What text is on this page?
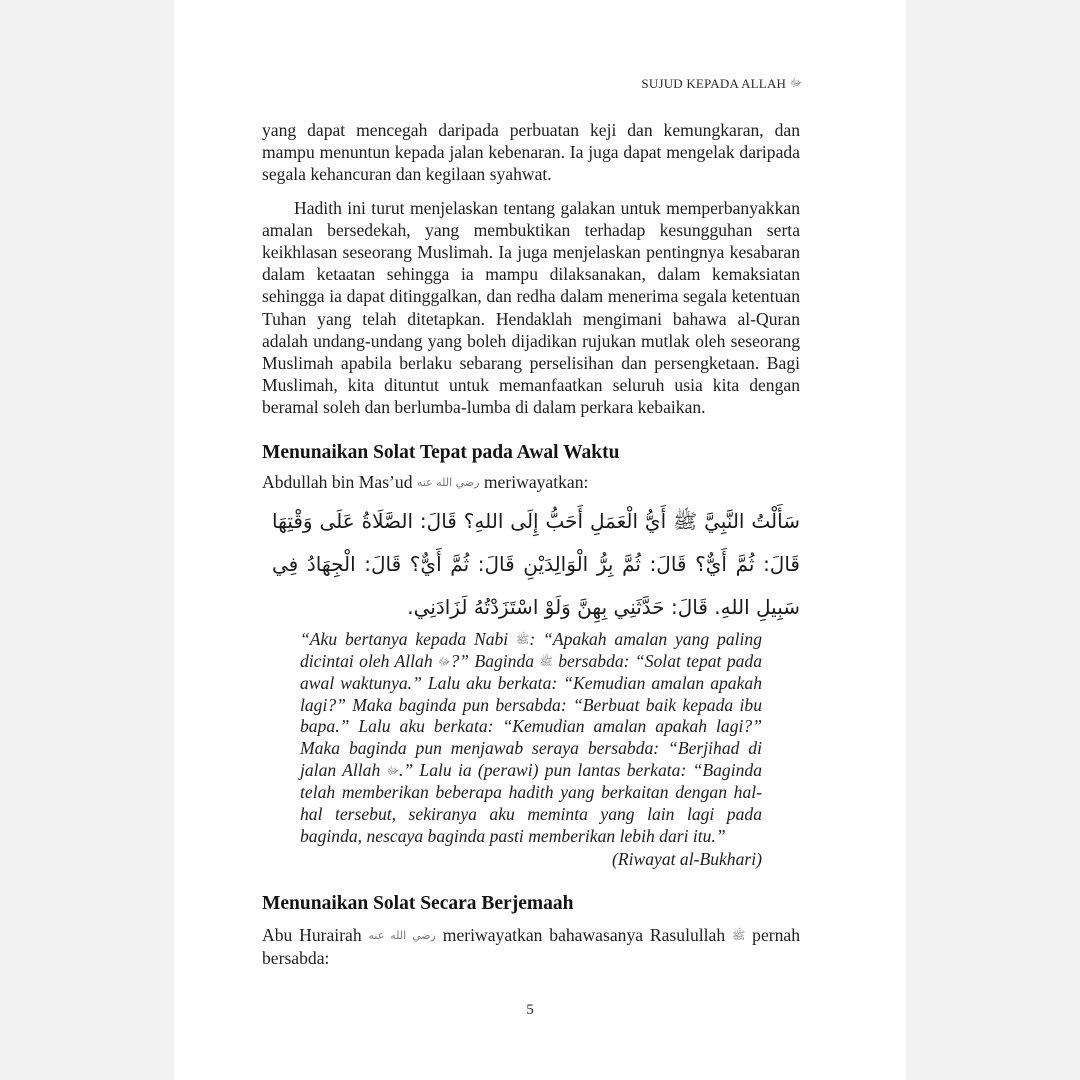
SUJUD KEPADA ALLAH ﷻ

yang dapat mencegah daripada perbuatan keji dan kemungkaran, dan mampu menuntun kepada jalan kebenaran. Ia juga dapat mengelak daripada segala kehancuran dan kegilaan syahwat.

Hadith ini turut menjelaskan tentang galakan untuk memperbanyakkan amalan bersedekah, yang membuktikan terhadap kesungguhan serta keikhlasan seseorang Muslimah. Ia juga menjelaskan pentingnya kesabaran dalam ketaatan sehingga ia mampu dilaksanakan, dalam kemaksiatan sehingga ia dapat ditinggalkan, dan redha dalam menerima segala ketentuan Tuhan yang telah ditetapkan. Hendaklah mengimani bahawa al-Quran adalah undang-undang yang boleh dijadikan rujukan mutlak oleh seseorang Muslimah apabila berlaku sebarang perselisihan dan persengketaan. Bagi Muslimah, kita dituntut untuk memanfaatkan seluruh usia kita dengan beramal soleh dan berlumba-lumba di dalam perkara kebaikan.

Menunaikan Solat Tepat pada Awal Waktu

Abdullah bin Mas’ud رضي الله عنه meriwayatkan:

سَأَلْتُ النَّبِيَّ ﷺ أَيُّ الْعَمَلِ أَحَبُّ إِلَى اللهِ؟ قَالَ: الصَّلَاةُ عَلَى وَقْتِهَا قَالَ: ثُمَّ أَيٌّ؟ قَالَ: ثُمَّ بِرُّ الْوَالِدَيْنِ قَالَ: ثُمَّ أَيٌّ؟ قَالَ: الْجِهَادُ فِي سَبِيلِ اللهِ. قَالَ: حَدَّثَنِي بِهِنَّ وَلَوْ اسْتَزَدْتُهُ لَزَادَنِي.

“Aku bertanya kepada Nabi ﷺ: “Apakah amalan yang paling dicintai oleh Allah ﷻ?” Baginda ﷺ bersabda: “Solat tepat pada awal waktunya.” Lalu aku berkata: “Kemudian amalan apakah lagi?” Maka baginda pun bersabda: “Berbuat baik kepada ibu bapa.” Lalu aku berkata: “Kemudian amalan apakah lagi?” Maka baginda pun menjawab seraya bersabda: “Berjihad di jalan Allah ﷻ.” Lalu ia (perawi) pun lantas berkata: “Baginda telah memberikan beberapa hadith yang berkaitan dengan hal-hal tersebut, sekiranya aku meminta yang lain lagi pada baginda, nescaya baginda pasti memberikan lebih dari itu.”

(Riwayat al-Bukhari)
Menunaikan Solat Secara Berjemaah

Abu Hurairah رضي الله عنه meriwayatkan bahawasanya Rasulullah ﷺ pernah bersabda:

5
